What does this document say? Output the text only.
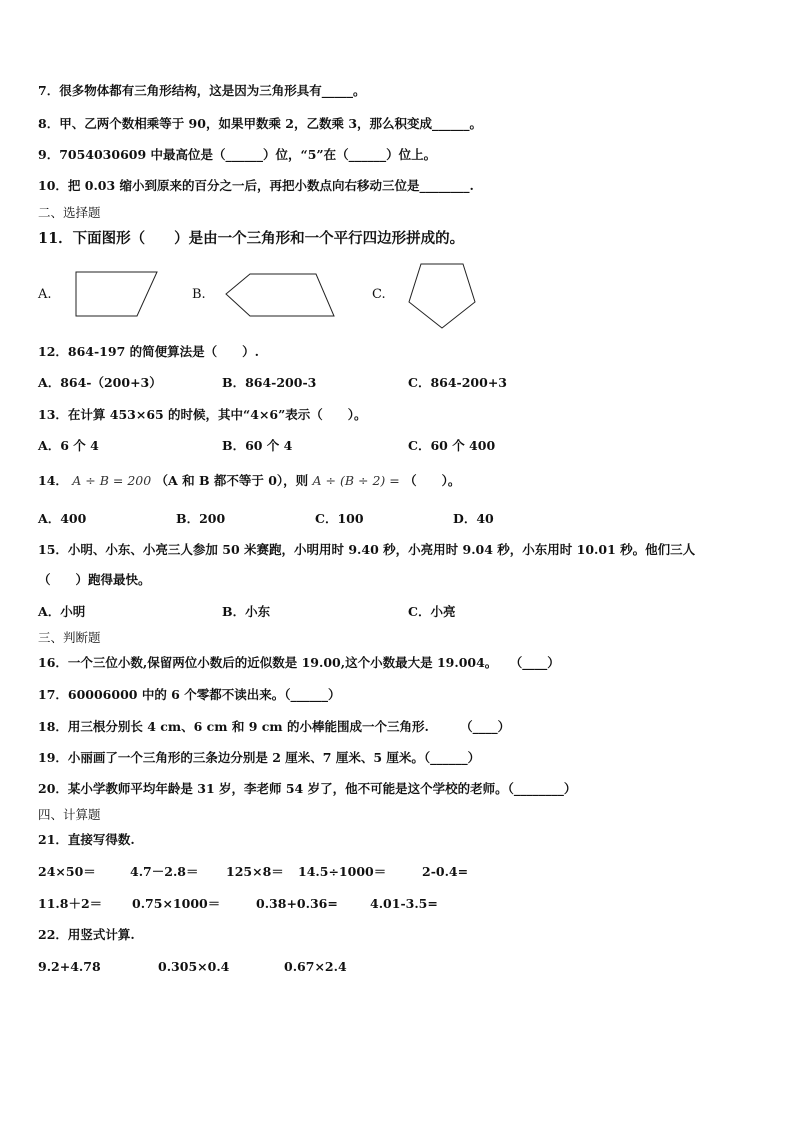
7．很多物体都有三角形结构，这是因为三角形具有_____。
8．甲、乙两个数相乘等于 90，如果甲数乘 2，乙数乘 3，那么积变成______。
9．7054030609 中最高位是（______）位，“5”在（______）位上。
10．把 0.03 缩小到原来的百分之一后，再把小数点向右移动三位是________.
二、选择题
11．下面图形（　　）是由一个三角形和一个平行四边形拼成的。
A.	B.	C.
12．864-197 的简便算法是（　　）.
A．864-（200+3）	B．864-200-3	C．864-200+3
13．在计算 453×65 的时候，其中“4×6”表示（　　）。
A．6 个 4	B．60 个 4	C．60 个 400
14． A ÷ B = 200 （A 和 B 都不等于 0），则 A ÷ (B ÷ 2) = （　　）。
A．400	B．200	C．100	D．40
15．小明、小东、小亮三人参加 50 米赛跑，小明用时 9.40 秒，小亮用时 9.04 秒，小东用时 10.01 秒。他们三人
（　　）跑得最快。
A．小明	B．小东	C．小亮
三、判断题
16．一个三位小数,保留两位小数后的近似数是 19.00,这个小数最大是 19.004。　　（____）
17．60006000 中的 6 个零都不读出来。（______）
18．用三根分别长 4 cm、6 cm 和 9 cm 的小棒能围成一个三角形.　　　（____）
19．小丽画了一个三角形的三条边分别是 2 厘米、7 厘米、5 厘米。（______）
20．某小学教师平均年龄是 31 岁，李老师 54 岁了，他不可能是这个学校的老师。（________）
四、计算题
21．直接写得数.
24×50＝	4.7－2.8＝ 125×8＝ 14.5÷1000＝	2-0.4=
11.8＋2＝ 0.75×1000＝	0.38+0.36=	4.01-3.5=
22．用竖式计算.
9.2+4.78	0.305×0.4	0.67×2.4
